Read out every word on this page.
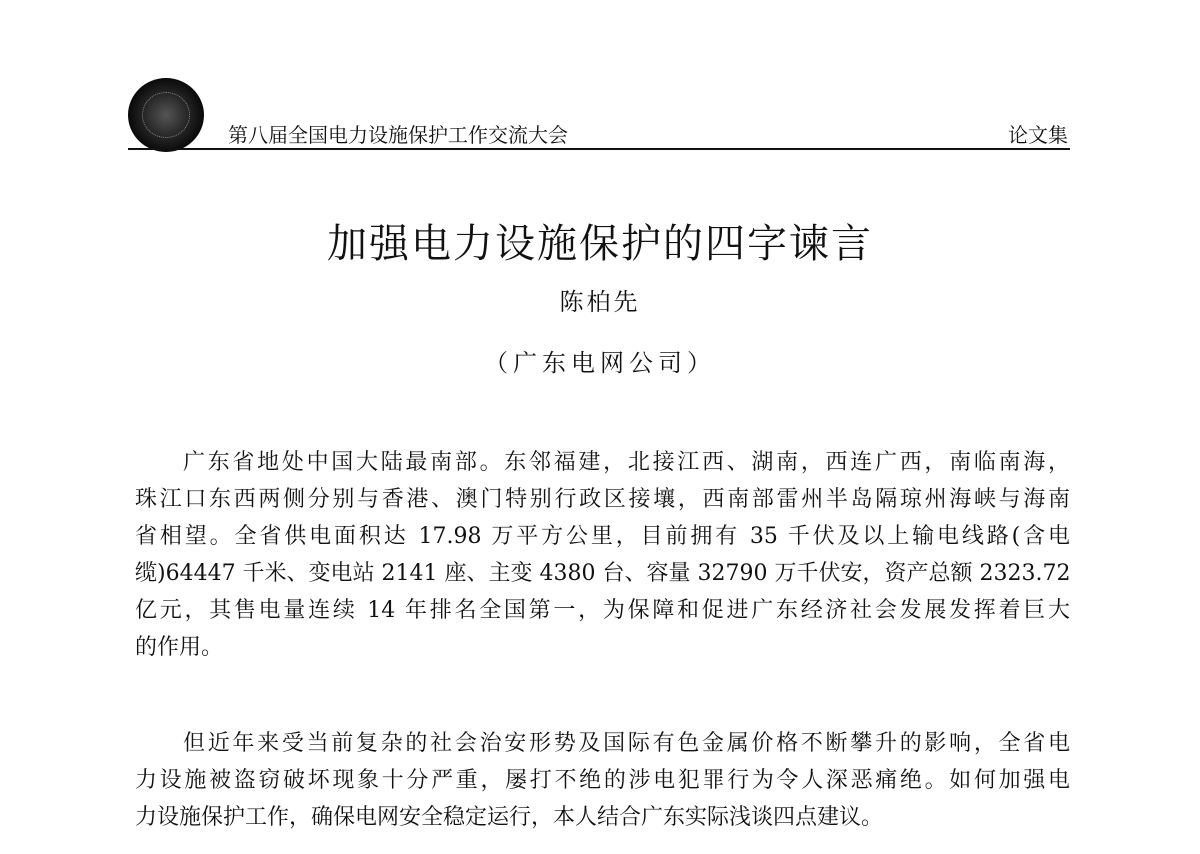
第八届全国电力设施保护工作交流大会	论文集
加强电力设施保护的四字谏言
陈柏先
（广东电网公司）
广东省地处中国大陆最南部。东邻福建，北接江西、湖南，西连广西，南临南海，
珠江口东西两侧分别与香港、澳门特别行政区接壤，西南部雷州半岛隔琼州海峡与海南
省相望。全省供电面积达 17.98 万平方公里，目前拥有 35 千伏及以上输电线路(含电
缆)64447 千米、变电站 2141 座、主变 4380 台、容量 32790 万千伏安，资产总额 2323.72
亿元，其售电量连续 14 年排名全国第一，为保障和促进广东经济社会发展发挥着巨大
的作用。
但近年来受当前复杂的社会治安形势及国际有色金属价格不断攀升的影响，全省电
力设施被盗窃破坏现象十分严重，屡打不绝的涉电犯罪行为令人深恶痛绝。如何加强电
力设施保护工作，确保电网安全稳定运行，本人结合广东实际浅谈四点建议。
